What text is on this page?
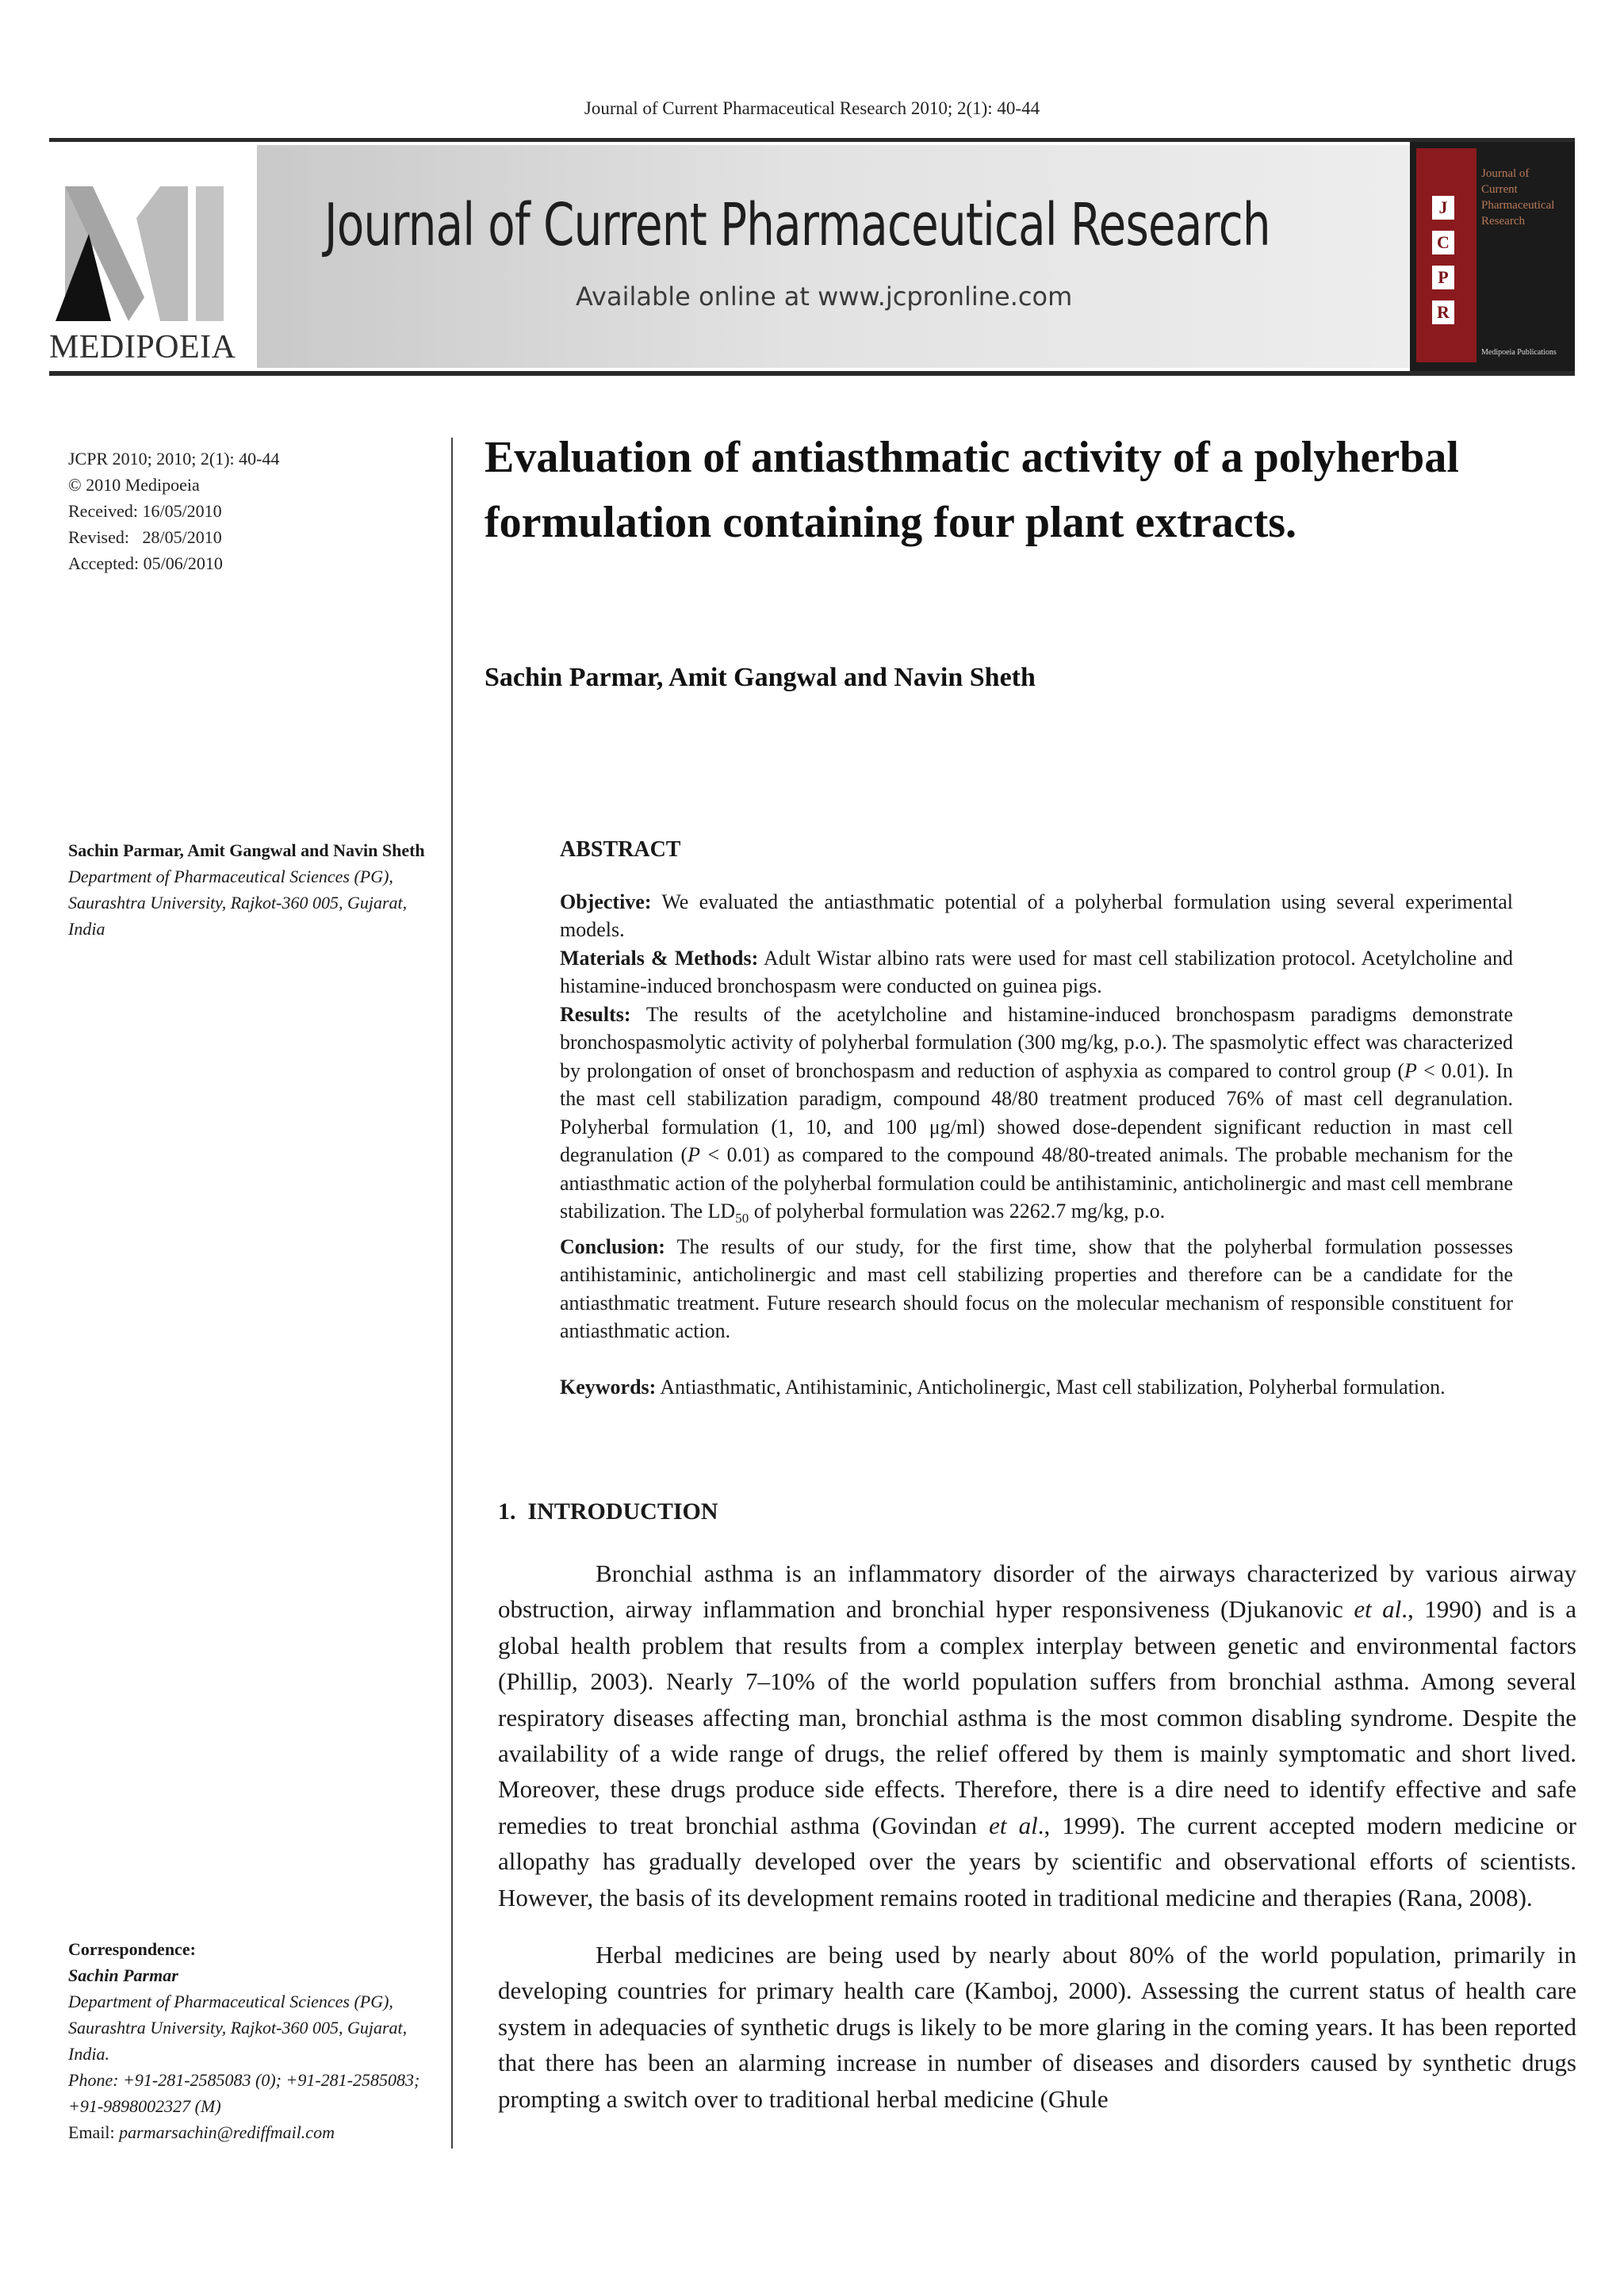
Journal of Current Pharmaceutical Research 2010; 2(1): 40-44
MEDIPOEIA
Journal of Current Pharmaceutical Research
Available online at www.jcpronline.com
J
C
P
R
Journal of
Current
Pharmaceutical
Research
Medipoeia Publications
JCPR 2010; 2010; 2(1): 40-44
© 2010 Medipoeia
Received: 16/05/2010
Revised:   28/05/2010
Accepted: 05/06/2010
Sachin Parmar, Amit Gangwal and Navin Sheth
Department of Pharmaceutical Sciences (PG), Saurashtra University, Rajkot-360 005, Gujarat, India
Correspondence:
Sachin Parmar
Department of Pharmaceutical Sciences (PG), Saurashtra University, Rajkot-360 005, Gujarat, India.
Phone: +91-281-2585083 (0); +91-281-2585083; +91-9898002327 (M)
Email: parmarsachin@rediffmail.com
Evaluation of antiasthmatic activity of a polyherbal formulation containing four plant extracts.
Sachin Parmar, Amit Gangwal and Navin Sheth
ABSTRACT

Objective: We evaluated the antiasthmatic potential of a polyherbal formulation using several experimental models.

Materials & Methods: Adult Wistar albino rats were used for mast cell stabilization protocol. Acetylcholine and histamine-induced bronchospasm were conducted on guinea pigs.

Results: The results of the acetylcholine and histamine-induced bronchospasm paradigms demonstrate bronchospasmolytic activity of polyherbal formulation (300 mg/kg, p.o.). The spasmolytic effect was characterized by prolongation of onset of bronchospasm and reduction of asphyxia as compared to control group (P < 0.01). In the mast cell stabilization paradigm, compound 48/80 treatment produced 76% of mast cell degranulation. Polyherbal formulation (1, 10, and 100 μg/ml) showed dose-dependent significant reduction in mast cell degranulation (P < 0.01) as compared to the compound 48/80-treated animals. The probable mechanism for the antiasthmatic action of the polyherbal formulation could be antihistaminic, anticholinergic and mast cell membrane stabilization. The $LD_{50}$ of polyherbal formulation was 2262.7 mg/kg, p.o.

Conclusion: The results of our study, for the first time, show that the polyherbal formulation possesses antihistaminic, anticholinergic and mast cell stabilizing properties and therefore can be a candidate for the antiasthmatic treatment. Future research should focus on the molecular mechanism of responsible constituent for antiasthmatic action.

Keywords: Antiasthmatic, Antihistaminic, Anticholinergic, Mast cell stabilization, Polyherbal formulation.

1.  INTRODUCTION

Bronchial asthma is an inflammatory disorder of the airways characterized by various airway obstruction, airway inflammation and bronchial hyper responsiveness (Djukanovic et al., 1990) and is a global health problem that results from a complex interplay between genetic and environmental factors (Phillip, 2003). Nearly 7–10% of the world population suffers from bronchial asthma. Among several respiratory diseases affecting man, bronchial asthma is the most common disabling syndrome. Despite the availability of a wide range of drugs, the relief offered by them is mainly symptomatic and short lived. Moreover, these drugs produce side effects. Therefore, there is a dire need to identify effective and safe remedies to treat bronchial asthma (Govindan et al., 1999). The current accepted modern medicine or allopathy has gradually developed over the years by scientific and observational efforts of scientists. However, the basis of its development remains rooted in traditional medicine and therapies (Rana, 2008).

Herbal medicines are being used by nearly about 80% of the world population, primarily in developing countries for primary health care (Kamboj, 2000). Assessing the current status of health care system in adequacies of synthetic drugs is likely to be more glaring in the coming years. It has been reported that there has been an alarming increase in number of diseases and disorders caused by synthetic drugs prompting a switch over to traditional herbal medicine (Ghule
